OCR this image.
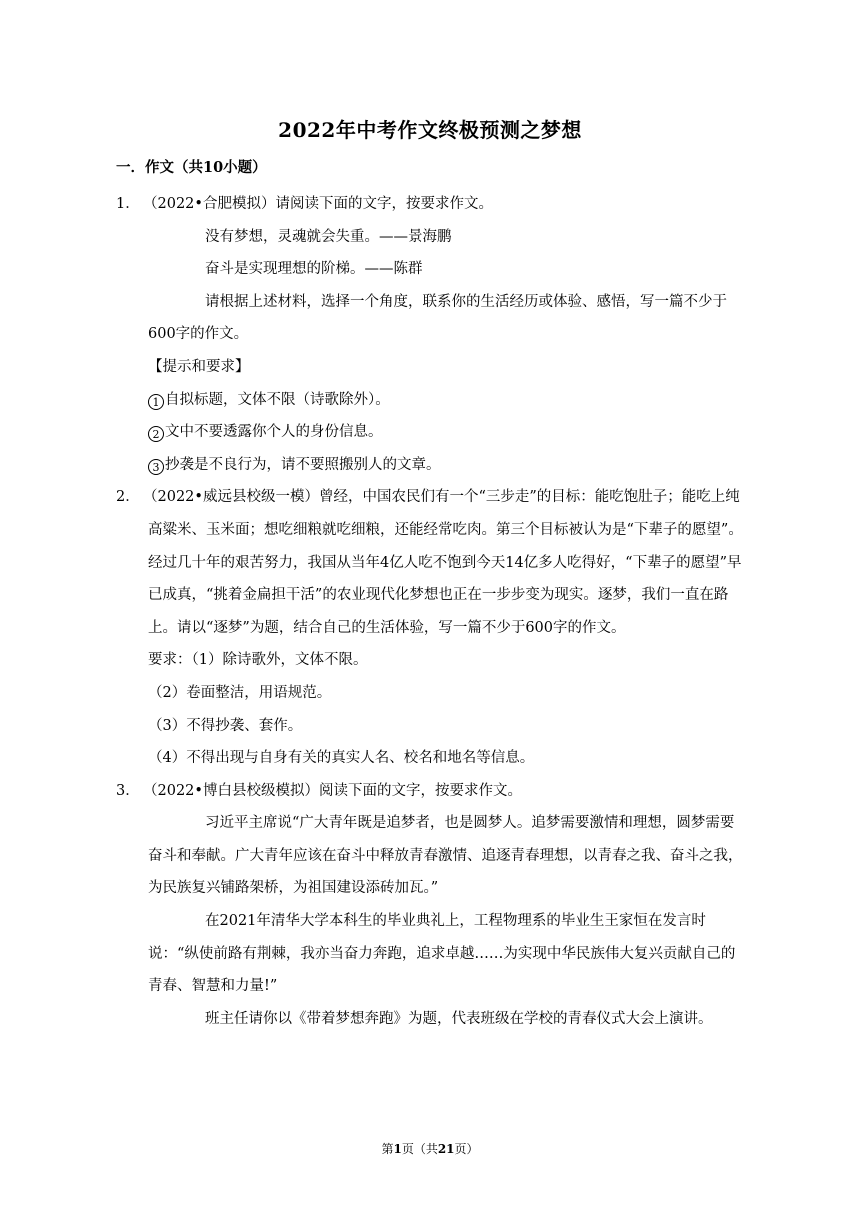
2022年中考作文终极预测之梦想
一．作文（共10小题）

1． （2022•合肥模拟）请阅读下面的文字，按要求作文。

没有梦想，灵魂就会失重。——景海鹏

奋斗是实现理想的阶梯。——陈群

请根据上述材料，选择一个角度，联系你的生活经历或体验、感悟，写一篇不少于600字的作文。

【提示和要求】

1 自拟标题，文体不限（诗歌除外）。

2 文中不要透露你个人的身份信息。

3 抄袭是不良行为，请不要照搬别人的文章。

2． （2022•威远县校级一模）曾经，中国农民们有一个“三步走”的目标：能吃饱肚子；能吃上纯高粱米、玉米面；想吃细粮就吃细粮，还能经常吃肉。第三个目标被认为是“下辈子的愿望”。经过几十年的艰苦努力，我国从当年4亿人吃不饱到今天14亿多人吃得好，“下辈子的愿望”早已成真，“挑着金扁担干活”的农业现代化梦想也正在一步步变为现实。逐梦，我们一直在路上。请以“逐梦”为题，结合自己的生活体验，写一篇不少于600字的作文。

要求：（1）除诗歌外，文体不限。

（2）卷面整洁，用语规范。

（3）不得抄袭、套作。

（4）不得出现与自身有关的真实人名、校名和地名等信息。

3． （2022•博白县校级模拟）阅读下面的文字，按要求作文。

习近平主席说“广大青年既是追梦者，也是圆梦人。追梦需要激情和理想，圆梦需要奋斗和奉献。广大青年应该在奋斗中释放青春激情、追逐青春理想，以青春之我、奋斗之我，为民族复兴铺路架桥，为祖国建设添砖加瓦。”

在2021年清华大学本科生的毕业典礼上，工程物理系的毕业生王家恒在发言时说：“纵使前路有荆棘，我亦当奋力奔跑，追求卓越……为实现中华民族伟大复兴贡献自己的青春、智慧和力量!”

班主任请你以《带着梦想奔跑》为题，代表班级在学校的青春仪式大会上演讲。

第1页（共21页）
